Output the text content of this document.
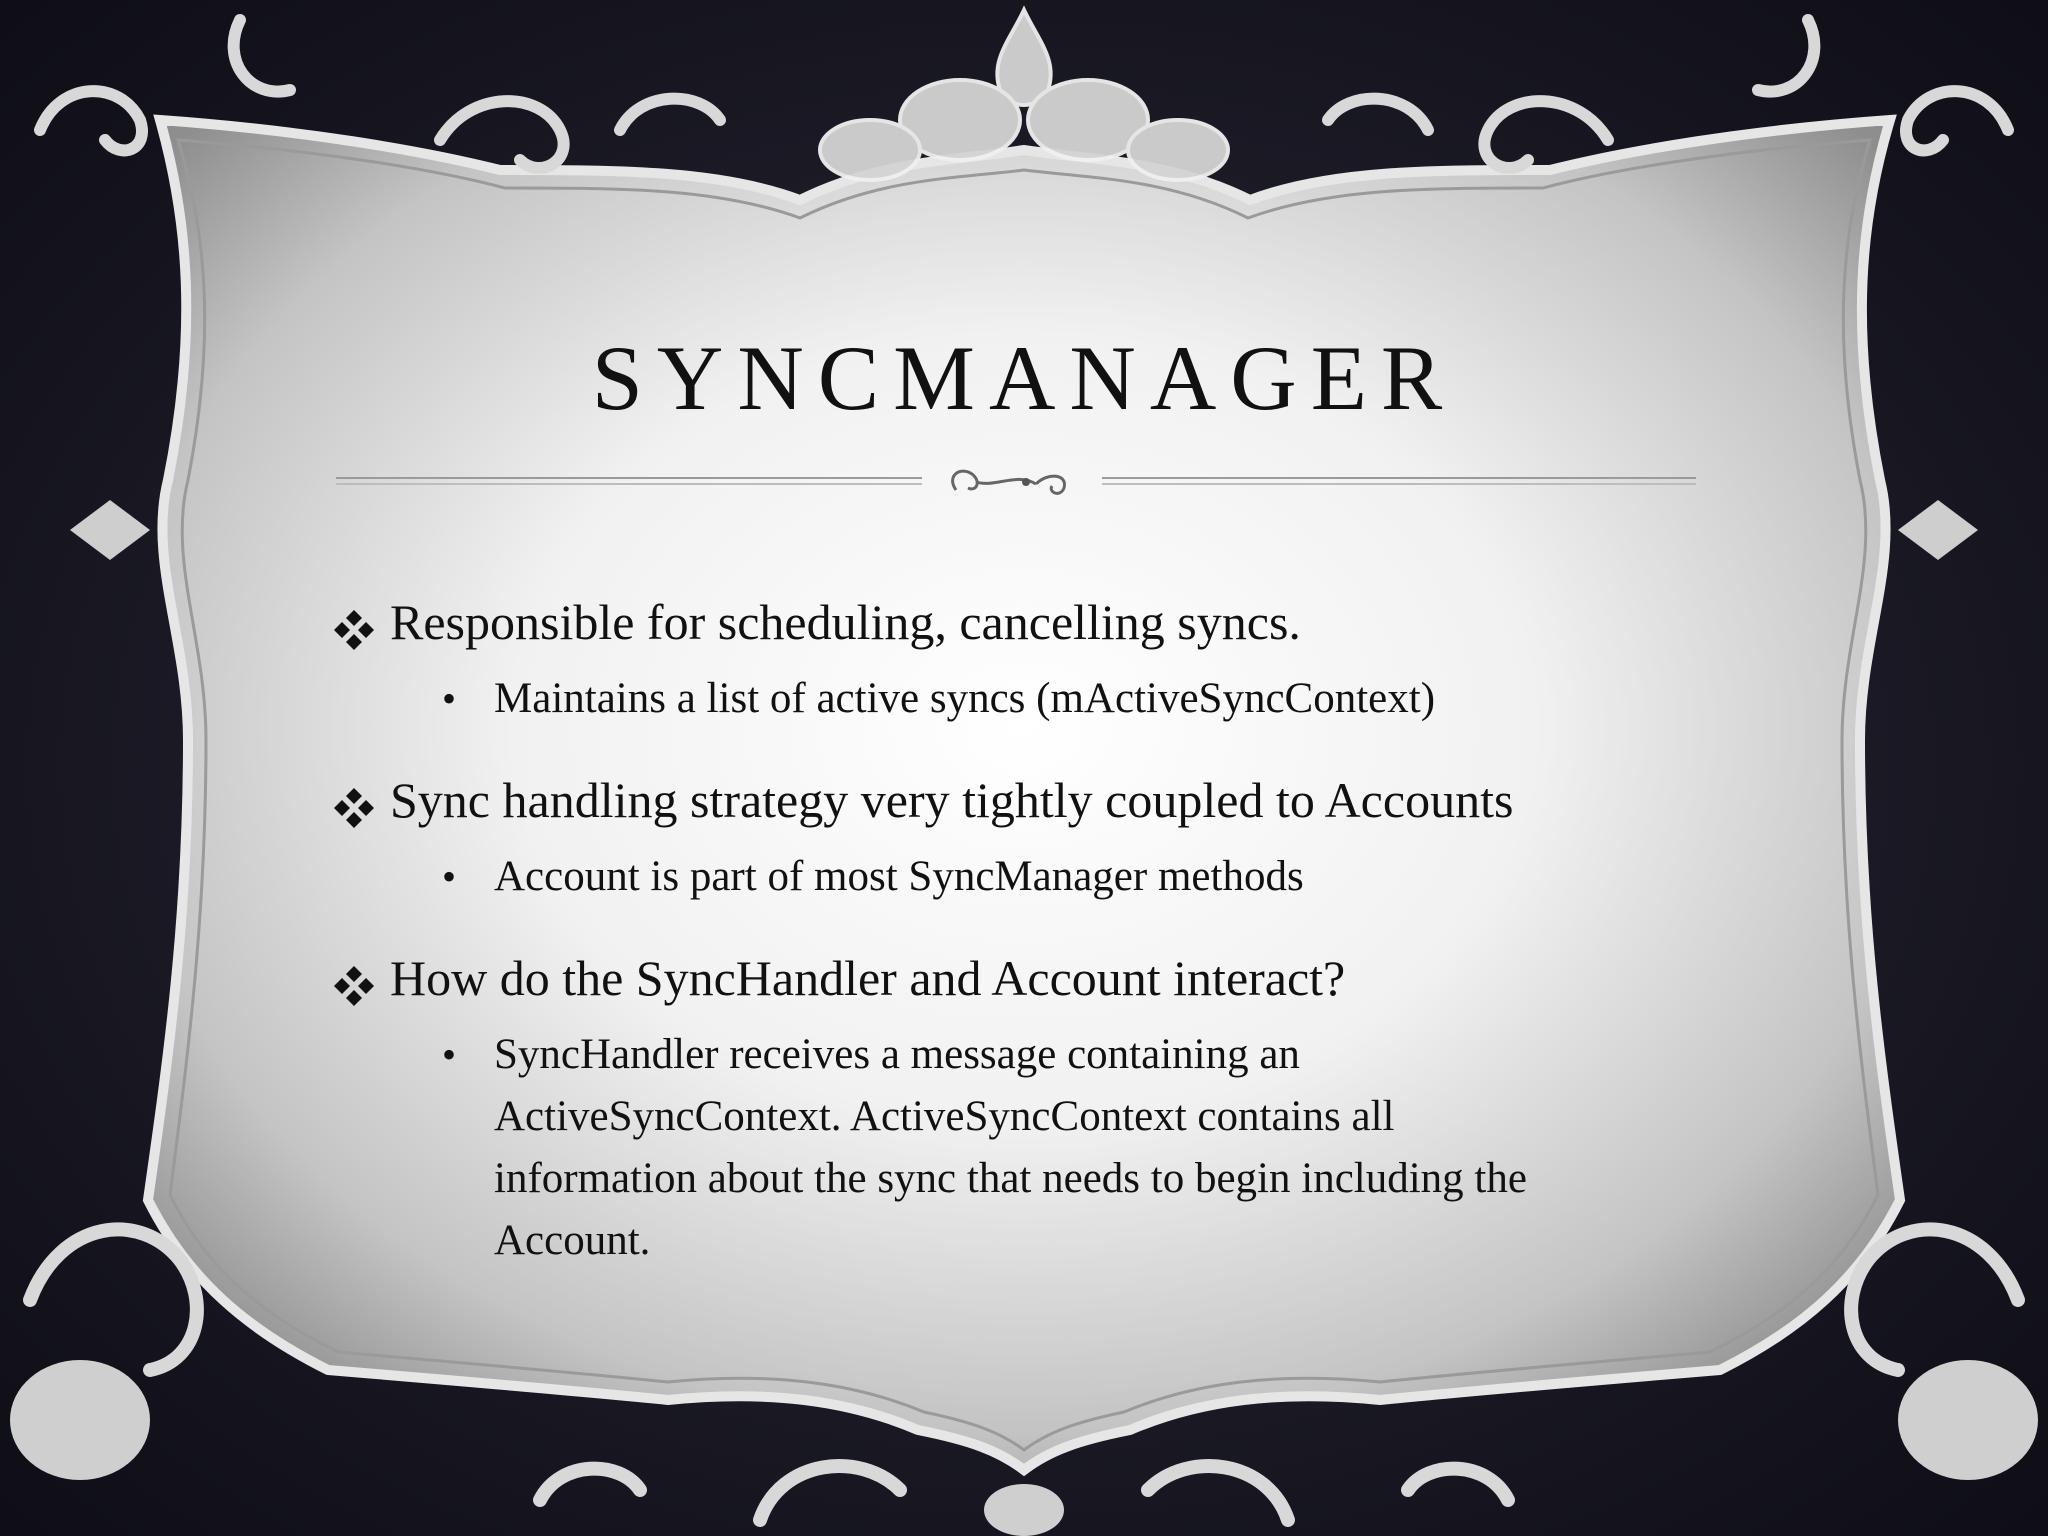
SYNCMANAGER
Responsible for scheduling, cancelling syncs.
• Maintains a list of active syncs (mActiveSyncContext)
Sync handling strategy very tightly coupled to Accounts
• Account is part of most SyncManager methods
How do the SyncHandler and Account interact?
• SyncHandler receives a message containing an ActiveSyncContext. ActiveSyncContext contains all information about the sync that needs to begin including the Account.
